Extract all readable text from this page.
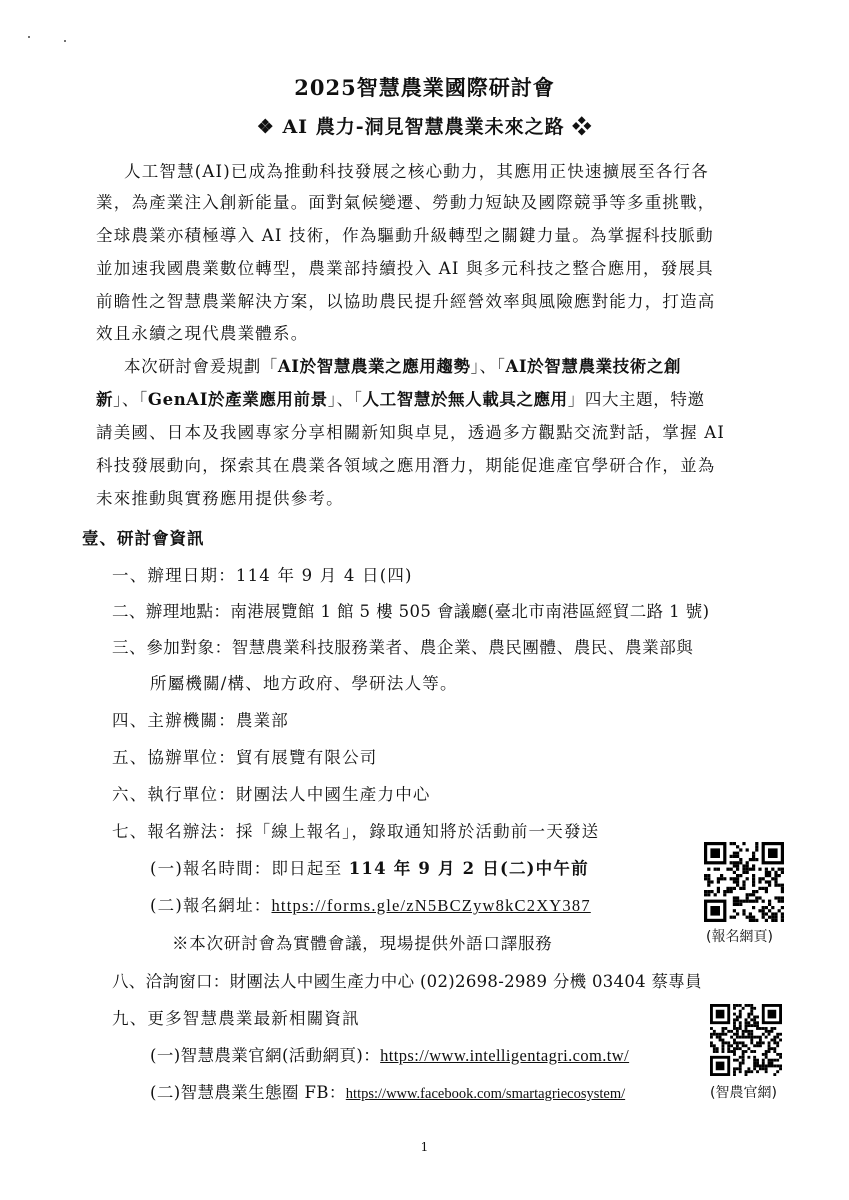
2025智慧農業國際研討會
❖ AI 農力-洞見智慧農業未來之路 ❖
人工智慧(AI)已成為推動科技發展之核心動力，其應用正快速擴展至各行各
業，為產業注入創新能量。面對氣候變遷、勞動力短缺及國際競爭等多重挑戰，
全球農業亦積極導入 AI 技術，作為驅動升級轉型之關鍵力量。為掌握科技脈動
並加速我國農業數位轉型，農業部持續投入 AI 與多元科技之整合應用，發展具
前瞻性之智慧農業解決方案，以協助農民提升經營效率與風險應對能力，打造高
效且永續之現代農業體系。
本次研討會爰規劃「AI於智慧農業之應用趨勢」、「AI於智慧農業技術之創
新」、「GenAI於產業應用前景」、「人工智慧於無人載具之應用」四大主題，特邀
請美國、日本及我國專家分享相關新知與卓見，透過多方觀點交流對話，掌握 AI
科技發展動向，探索其在農業各領域之應用潛力，期能促進產官學研合作，並為
未來推動與實務應用提供參考。
壹、研討會資訊
一、辦理日期：114 年 9 月 4 日(四)
二、辦理地點：南港展覽館 1 館 5 樓 505 會議廳(臺北市南港區經貿二路 1 號)
三、參加對象：智慧農業科技服務業者、農企業、農民團體、農民、農業部與
所屬機關/構、地方政府、學研法人等。
四、主辦機關：農業部
五、協辦單位：貿有展覽有限公司
六、執行單位：財團法人中國生產力中心
七、報名辦法：採「線上報名」，錄取通知將於活動前一天發送
(一)報名時間：即日起至 114 年 9 月 2 日(二)中午前
(二)報名網址：https://forms.gle/zN5BCZyw8kC2XY387
※本次研討會為實體會議，現場提供外語口譯服務
八、洽詢窗口：財團法人中國生產力中心 (02)2698-2989 分機 03404 蔡專員
九、更多智慧農業最新相關資訊
(一)智慧農業官網(活動網頁)：https://www.intelligentagri.com.tw/
(二)智慧農業生態圈 FB：https://www.facebook.com/smartagriecosystem/
(報名網頁)
(智農官網)
1
